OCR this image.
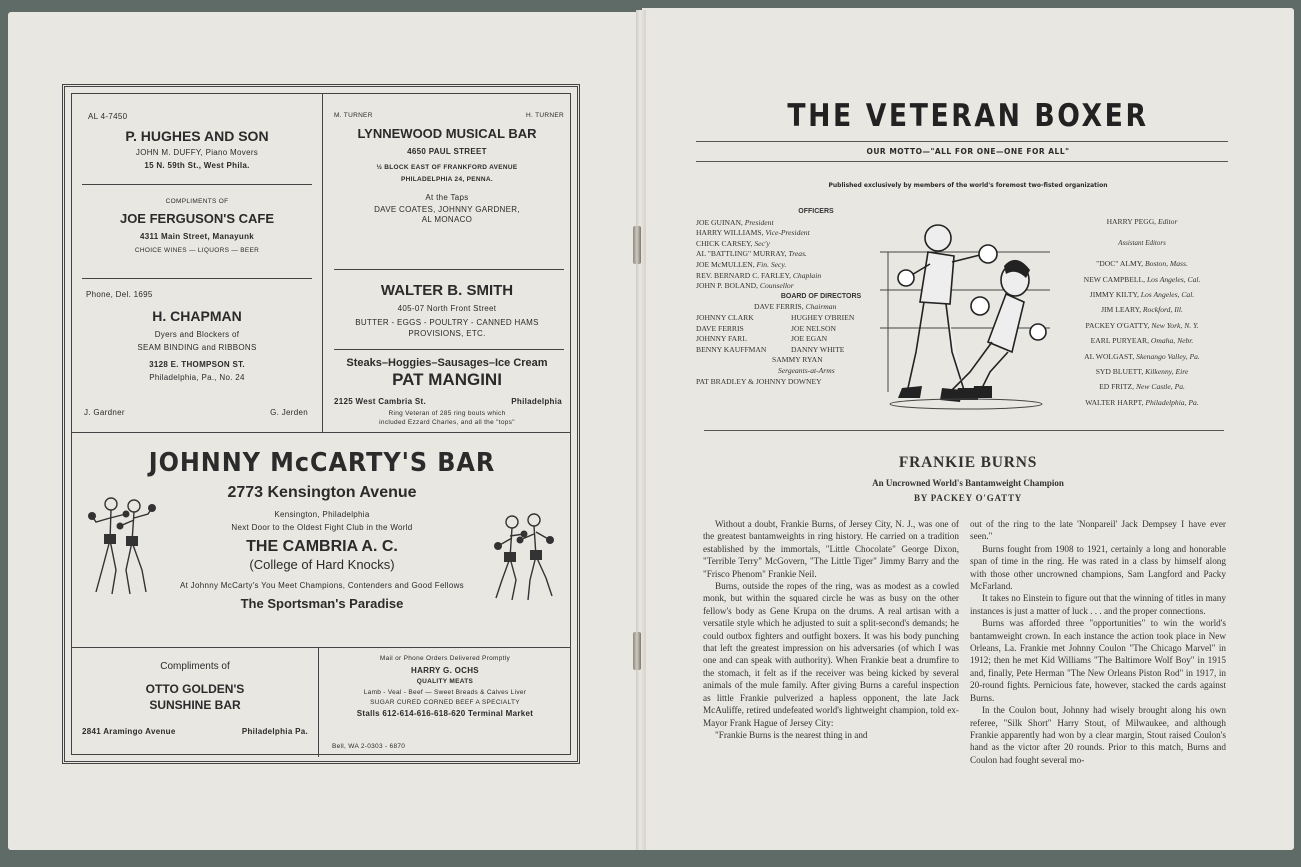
AL 4-7450
P. HUGHES AND SON
JOHN M. DUFFY, Piano Movers
15 N. 59th St., West Phila.
COMPLIMENTS OF
JOE FERGUSON'S CAFE
4311 Main Street, Manayunk
CHOICE WINES — LIQUORS — BEER
Phone, Del. 1695
H. CHAPMAN
Dyers and Blockers of
SEAM BINDING and RIBBONS
3128 E. THOMPSON ST.
Philadelphia, Pa., No. 24
J. Gardner	G. Jerden
M. TURNER	H. TURNER
LYNNEWOOD MUSICAL BAR
4650 PAUL STREET
½ BLOCK EAST OF FRANKFORD AVENUE
PHILADELPHIA 24, PENNA.
At the Taps
DAVE COATES, JOHNNY GARDNER,
AL MONACO
WALTER B. SMITH
405-07 North Front Street
BUTTER - EGGS - POULTRY - CANNED HAMS
PROVISIONS, ETC.
Steaks–Hoggies–Sausages–Ice Cream
PAT MANGINI
2125 West Cambria St.	Philadelphia
Ring Veteran of 285 ring bouts which
included Ezzard Charles, and all the "tops"
JOHNNY McCARTY'S BAR
2773 Kensington Avenue
Kensington, Philadelphia
Next Door to the Oldest Fight Club in the World
THE CAMBRIA A. C.
(College of Hard Knocks)
At Johnny McCarty's You Meet Champions, Contenders and Good Fellows
The Sportsman's Paradise
Compliments of
OTTO GOLDEN'S
SUNSHINE BAR
2841 Aramingo Avenue	Philadelphia Pa.
Mail or Phone Orders Delivered Promptly
HARRY G. OCHS
QUALITY MEATS
Lamb - Veal - Beef — Sweet Breads & Calves Liver
SUGAR CURED CORNED BEEF A SPECIALTY
Stalls 612-614-616-618-620 Terminal Market
Bell, WA 2-0303 - 6870
THE VETERAN BOXER
OUR MOTTO—"ALL FOR ONE—ONE FOR ALL"
Published exclusively by members of the world's foremost two-fisted organization
OFFICERS
JOE GUINAN, President
HARRY WILLIAMS, Vice-President
CHICK CARSEY, Sec'y
AL "BATTLING" MURRAY, Treas.
JOE McMULLEN, Fin. Secy.
REV. BERNARD C. FARLEY, Chaplain
JOHN P. BOLAND, Counsellor
BOARD OF DIRECTORS
DAVE FERRIS, Chairman
JOHNNY CLARK	HUGHEY O'BRIEN
DAVE FERRIS	JOE NELSON
JOHNNY FARL	JOE EGAN
BENNY KAUFFMAN	DANNY WHITE
SAMMY RYAN
Sergeants-at-Arms
PAT BRADLEY & JOHNNY DOWNEY
HARRY PEGG, Editor
Assistant Editors
"DOC" ALMY, Boston, Mass.
NEW CAMPBELL, Los Angeles, Cal.
JIMMY KILTY, Los Angeles, Cal.
JIM LEARY, Rockford, Ill.
PACKEY O'GATTY, New York, N. Y.
EARL PURYEAR, Omaha, Nebr.
AL WOLGAST, Skenango Valley, Pa.
SYD BLUETT, Kilkenny, Eire
ED FRITZ, New Castle, Pa.
WALTER HARPT, Philadelphia, Pa.
FRANKIE BURNS
An Uncrowned World's Bantamweight Champion
BY PACKEY O'GATTY

Without a doubt, Frankie Burns, of Jersey City, N. J., was one of the greatest bantamweights in ring history. He carried on a tradition established by the immortals, "Little Chocolate" George Dixon, "Terrible Terry" McGovern, "The Little Tiger" Jimmy Barry and the "Frisco Phenom" Frankie Neil.

Burns, outside the ropes of the ring, was as modest as a cowled monk, but within the squared circle he was as busy on the other fellow's body as Gene Krupa on the drums. A real artisan with a versatile style which he adjusted to suit a split-second's demands; he could outbox fighters and outfight boxers. It was his body punching that left the greatest impression on his adversaries (of which I was one and can speak with authority). When Frankie beat a drumfire to the stomach, it felt as if the receiver was being kicked by several animals of the mule family. After giving Burns a careful inspection as little Frankie pulverized a hapless opponent, the late Jack McAuliffe, retired undefeated world's lightweight champion, told ex-Mayor Frank Hague of Jersey City:

"Frankie Burns is the nearest thing in and

out of the ring to the late 'Nonpareil' Jack Dempsey I have ever seen."

Burns fought from 1908 to 1921, certainly a long and honorable span of time in the ring. He was rated in a class by himself along with those other uncrowned champions, Sam Langford and Packy McFarland.

It takes no Einstein to figure out that the winning of titles in many instances is just a matter of luck . . . and the proper connections.

Burns was afforded three "opportunities" to win the world's bantamweight crown. In each instance the action took place in New Orleans, La. Frankie met Johnny Coulon "The Chicago Marvel" in 1912; then he met Kid Williams "The Baltimore Wolf Boy" in 1915 and, finally, Pete Herman "The New Orleans Piston Rod" in 1917, in 20-round fights. Pernicious fate, however, stacked the cards against Burns.

In the Coulon bout, Johnny had wisely brought along his own referee, "Silk Short" Harry Stout, of Milwaukee, and although Frankie apparently had won by a clear margin, Stout raised Coulon's hand as the victor after 20 rounds. Prior to this match, Burns and Coulon had fought several mo-
